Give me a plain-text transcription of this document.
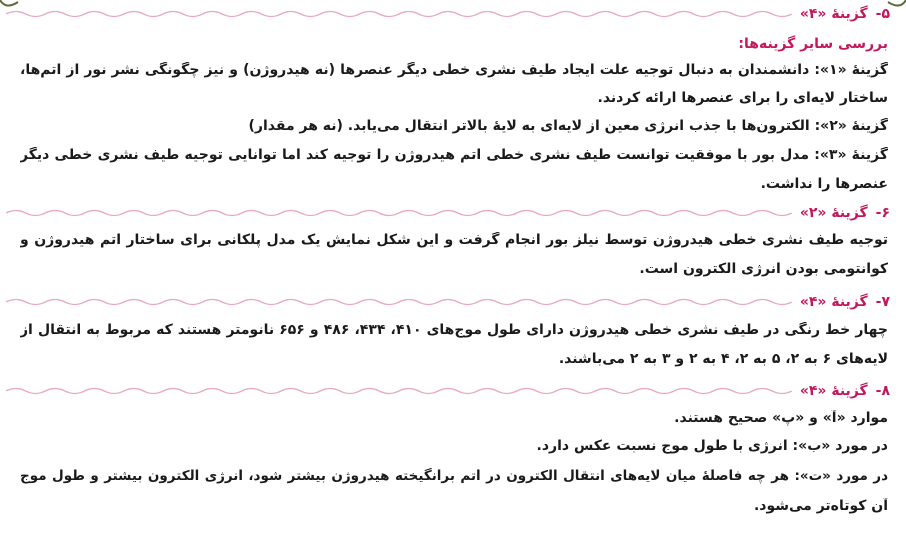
۵-
گزینهٔ «۴»
بررسی سایر گزینه‌ها:
گزینهٔ «۱»: دانشمندان به دنبال توجیه علت ایجاد طیف نشری خطی دیگر عنصرها (نه هیدروژن) و نیز چگونگی نشر نور از اتم‌ها،
ساختار لایه‌ای را برای عنصرها ارائه کردند.
گزینهٔ «۲»: الکترون‌ها با جذب انرژی معین از لایه‌ای به لایهٔ بالاتر انتقال می‌یابد. (نه هر مقدار)
گزینهٔ «۳»: مدل بور با موفقیت توانست طیف نشری خطی اتم هیدروژن را توجیه کند اما توانایی توجیه طیف نشری خطی دیگر
عنصرها را نداشت.
۶-
گزینهٔ «۲»
توجیه طیف نشری خطی هیدروژن توسط نیلز بور انجام گرفت و این شکل نمایش یک مدل پلکانی برای ساختار اتم هیدروژن و
کوانتومی بودن انرژی الکترون است.
۷-
گزینهٔ «۴»
چهار خط رنگی در طیف نشری خطی هیدروژن دارای طول موج‌های ۴۱۰، ۴۳۴، ۴۸۶ و ۶۵۶ نانومتر هستند که مربوط به انتقال از
لایه‌های ۶ به ۲، ۵ به ۲، ۴ به ۲ و ۳ به ۲ می‌باشند.
۸-
گزینهٔ «۴»
موارد «آ» و «پ» صحیح هستند.
در مورد «ب»: انرژی با طول موج نسبت عکس دارد.
در مورد «ت»: هر چه فاصلهٔ میان لایه‌های انتقال الکترون در اتم برانگیخته هیدروژن بیشتر شود، انرژی الکترون بیشتر و طول موج
آن کوتاه‌تر می‌شود.
